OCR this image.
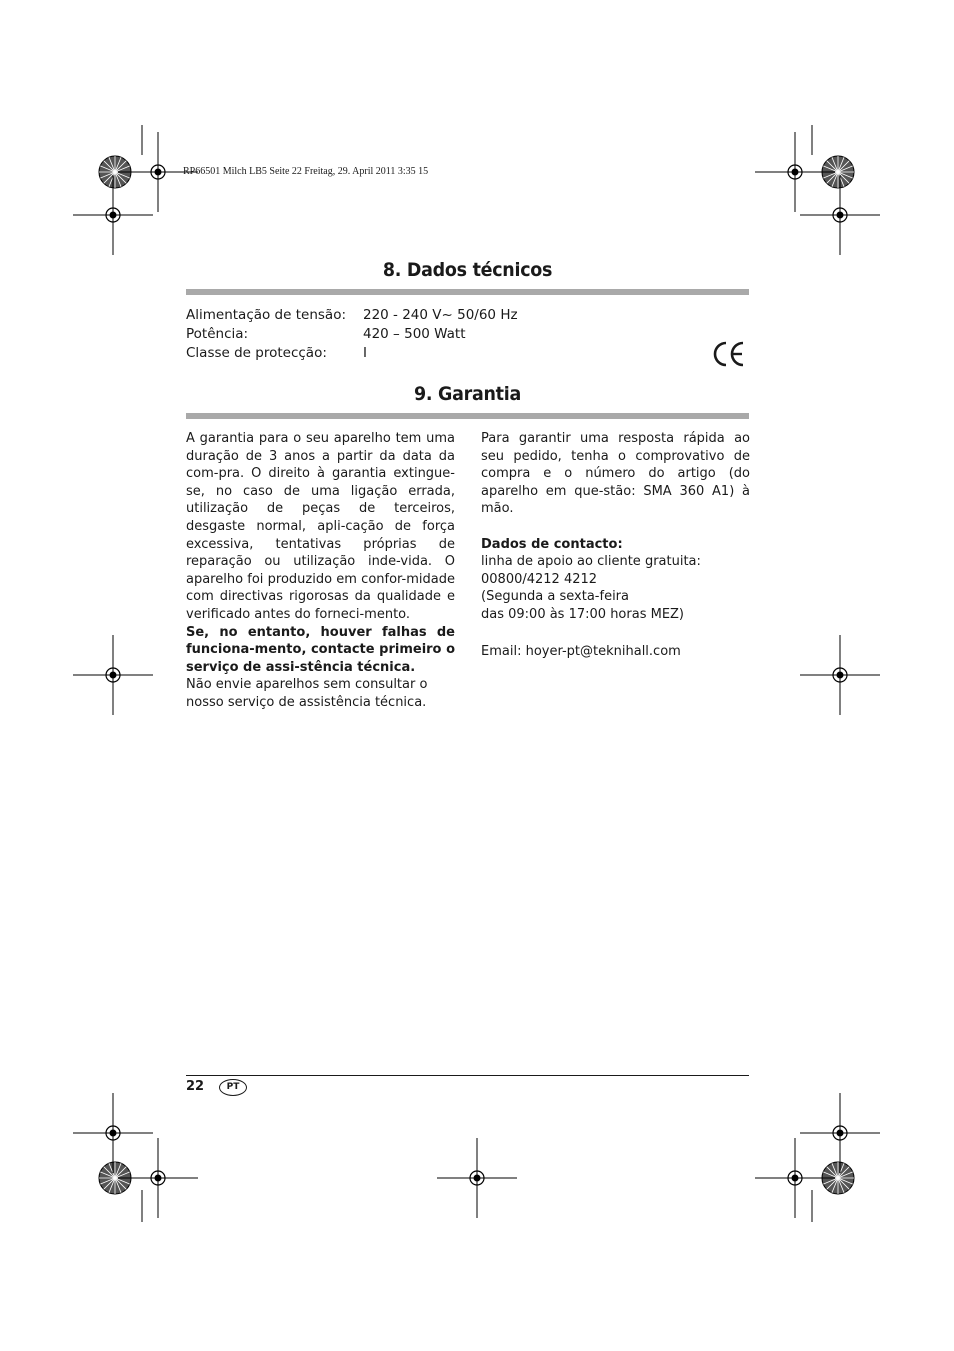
RP66501 Milch LB5 Seite 22 Freitag, 29. April 2011 3:35 15
8. Dados técnicos
Alimentação de tensão:	220 - 240 V~ 50/60 Hz
Potência:	420 – 500 Watt
Classe de protecção:	I
9. Garantia

A garantia para o seu aparelho tem uma duração de 3 anos a partir da data da com-pra. O direito à garantia extingue-se, no caso de uma ligação errada, utilização de peças de terceiros, desgaste normal, apli-cação de força excessiva, tentativas próprias de reparação ou utilização inde-vida. O aparelho foi produzido em confor-midade com directivas rigorosas da qualidade e verificado antes do forneci-mento.

Se, no entanto, houver falhas de funciona-mento, contacte primeiro o serviço de assi-stência técnica.

Não envie aparelhos sem consultar o nosso serviço de assistência técnica.

Para garantir uma resposta rápida ao seu pedido, tenha o comprovativo de compra e o número do artigo (do aparelho em que-stão: SMA 360 A1) à mão.

Dados de contacto:

linha de apoio ao cliente gratuita:

00800/4212 4212

(Segunda a sexta-feira

das 09:00 às 17:00 horas MEZ)

Email: hoyer-pt@teknihall.com

22	PT
